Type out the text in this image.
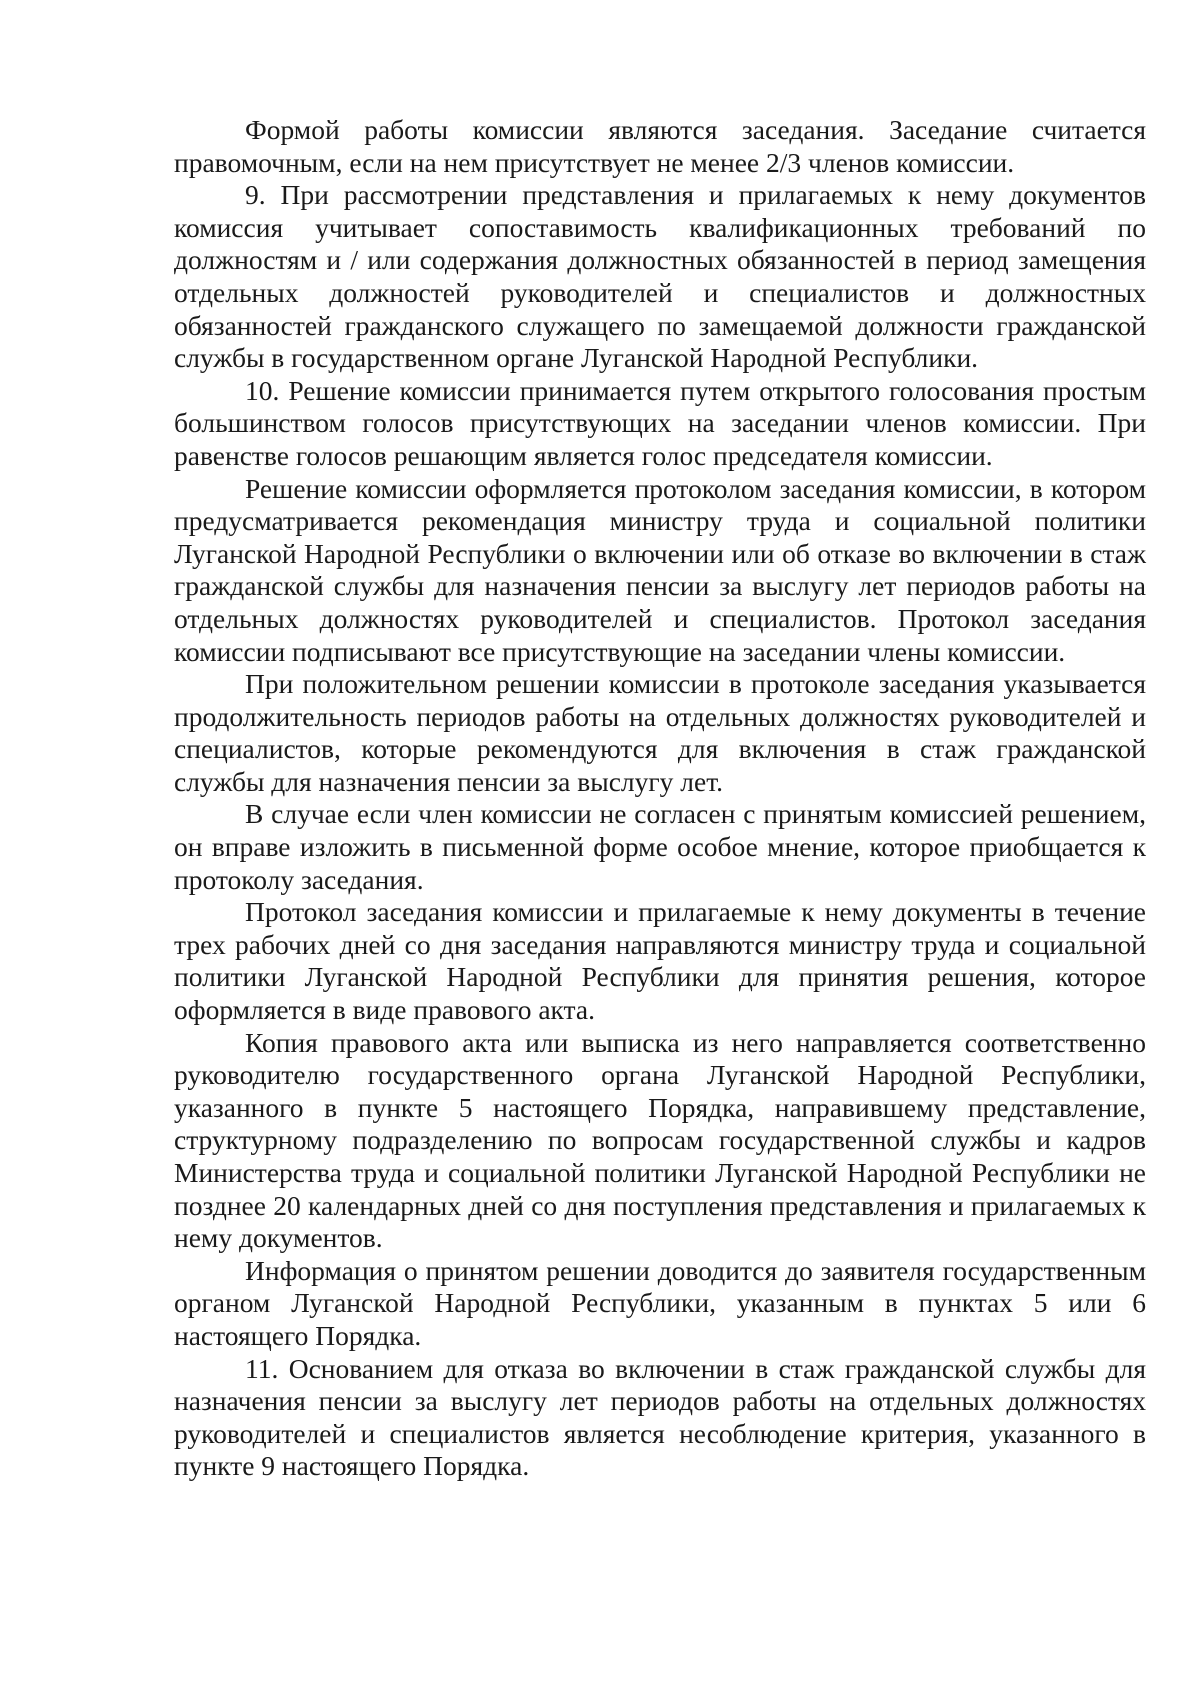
Формой работы комиссии являются заседания. Заседание считается правомочным, если на нем присутствует не менее 2/3 членов комиссии.

9. При рассмотрении представления и прилагаемых к нему документов комиссия учитывает сопоставимость квалификационных требований по должностям и / или содержания должностных обязанностей в период замещения отдельных должностей руководителей и специалистов и должностных обязанностей гражданского служащего по замещаемой должности гражданской службы в государственном органе Луганской Народной Республики.

10. Решение комиссии принимается путем открытого голосования простым большинством голосов присутствующих на заседании членов комиссии. При равенстве голосов решающим является голос председателя комиссии.

Решение комиссии оформляется протоколом заседания комиссии, в котором предусматривается рекомендация министру труда и социальной политики Луганской Народной Республики о включении или об отказе во включении в стаж гражданской службы для назначения пенсии за выслугу лет периодов работы на отдельных должностях руководителей и специалистов. Протокол заседания комиссии подписывают все присутствующие на заседании члены комиссии.

При положительном решении комиссии в протоколе заседания указывается продолжительность периодов работы на отдельных должностях руководителей и специалистов, которые рекомендуются для включения в стаж гражданской службы для назначения пенсии за выслугу лет.

В случае если член комиссии не согласен с принятым комиссией решением, он вправе изложить в письменной форме особое мнение, которое приобщается к протоколу заседания.

Протокол заседания комиссии и прилагаемые к нему документы в течение трех рабочих дней со дня заседания направляются министру труда и социальной политики Луганской Народной Республики для принятия решения, которое оформляется в виде правового акта.

Копия правового акта или выписка из него направляется соответственно руководителю государственного органа Луганской Народной Республики, указанного в пункте 5 настоящего Порядка, направившему представление, структурному подразделению по вопросам государственной службы и кадров Министерства труда и социальной политики Луганской Народной Республики не позднее 20 календарных дней со дня поступления представления и прилагаемых к нему документов.

Информация о принятом решении доводится до заявителя государственным органом Луганской Народной Республики, указанным в пунктах 5 или 6 настоящего Порядка.

11. Основанием для отказа во включении в стаж гражданской службы для назначения пенсии за выслугу лет периодов работы на отдельных должностях руководителей и специалистов является несоблюдение критерия, указанного в пункте 9 настоящего Порядка.
